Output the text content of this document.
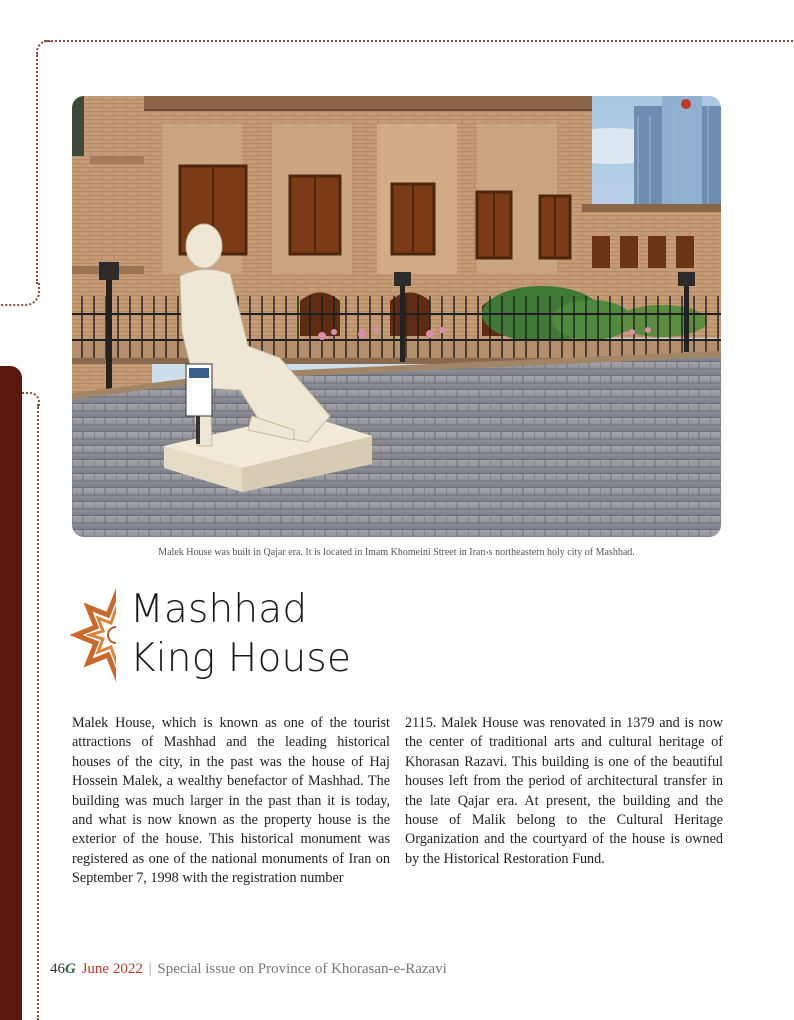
Malek House was built in Qajar era. It is located in Imam Khomeini Street in Iran›s northeastern holy city of Mashhad.
Mashhad
King House
Malek House, which is known as one of the tourist attractions of Mashhad and the leading historical houses of the city, in the past was the house of Haj Hossein Malek, a wealthy benefactor of Mashhad. The building was much larger in the past than it is today, and what is now known as the property house is the exterior of the house. This historical monument was registered as one of the national monuments of Iran on September 7, 1998 with the registration number
2115. Malek House was renovated in 1379 and is now the center of traditional arts and cultural heritage of Khorasan Razavi. This building is one of the beautiful houses left from the period of architectural transfer in the late Qajar era. At present, the building and the house of Malik belong to the Cultural Heritage Organization and the courtyard of the house is owned by the Historical Restoration Fund.
46G June 2022 | Special issue on Province of Khorasan-e-Razavi
